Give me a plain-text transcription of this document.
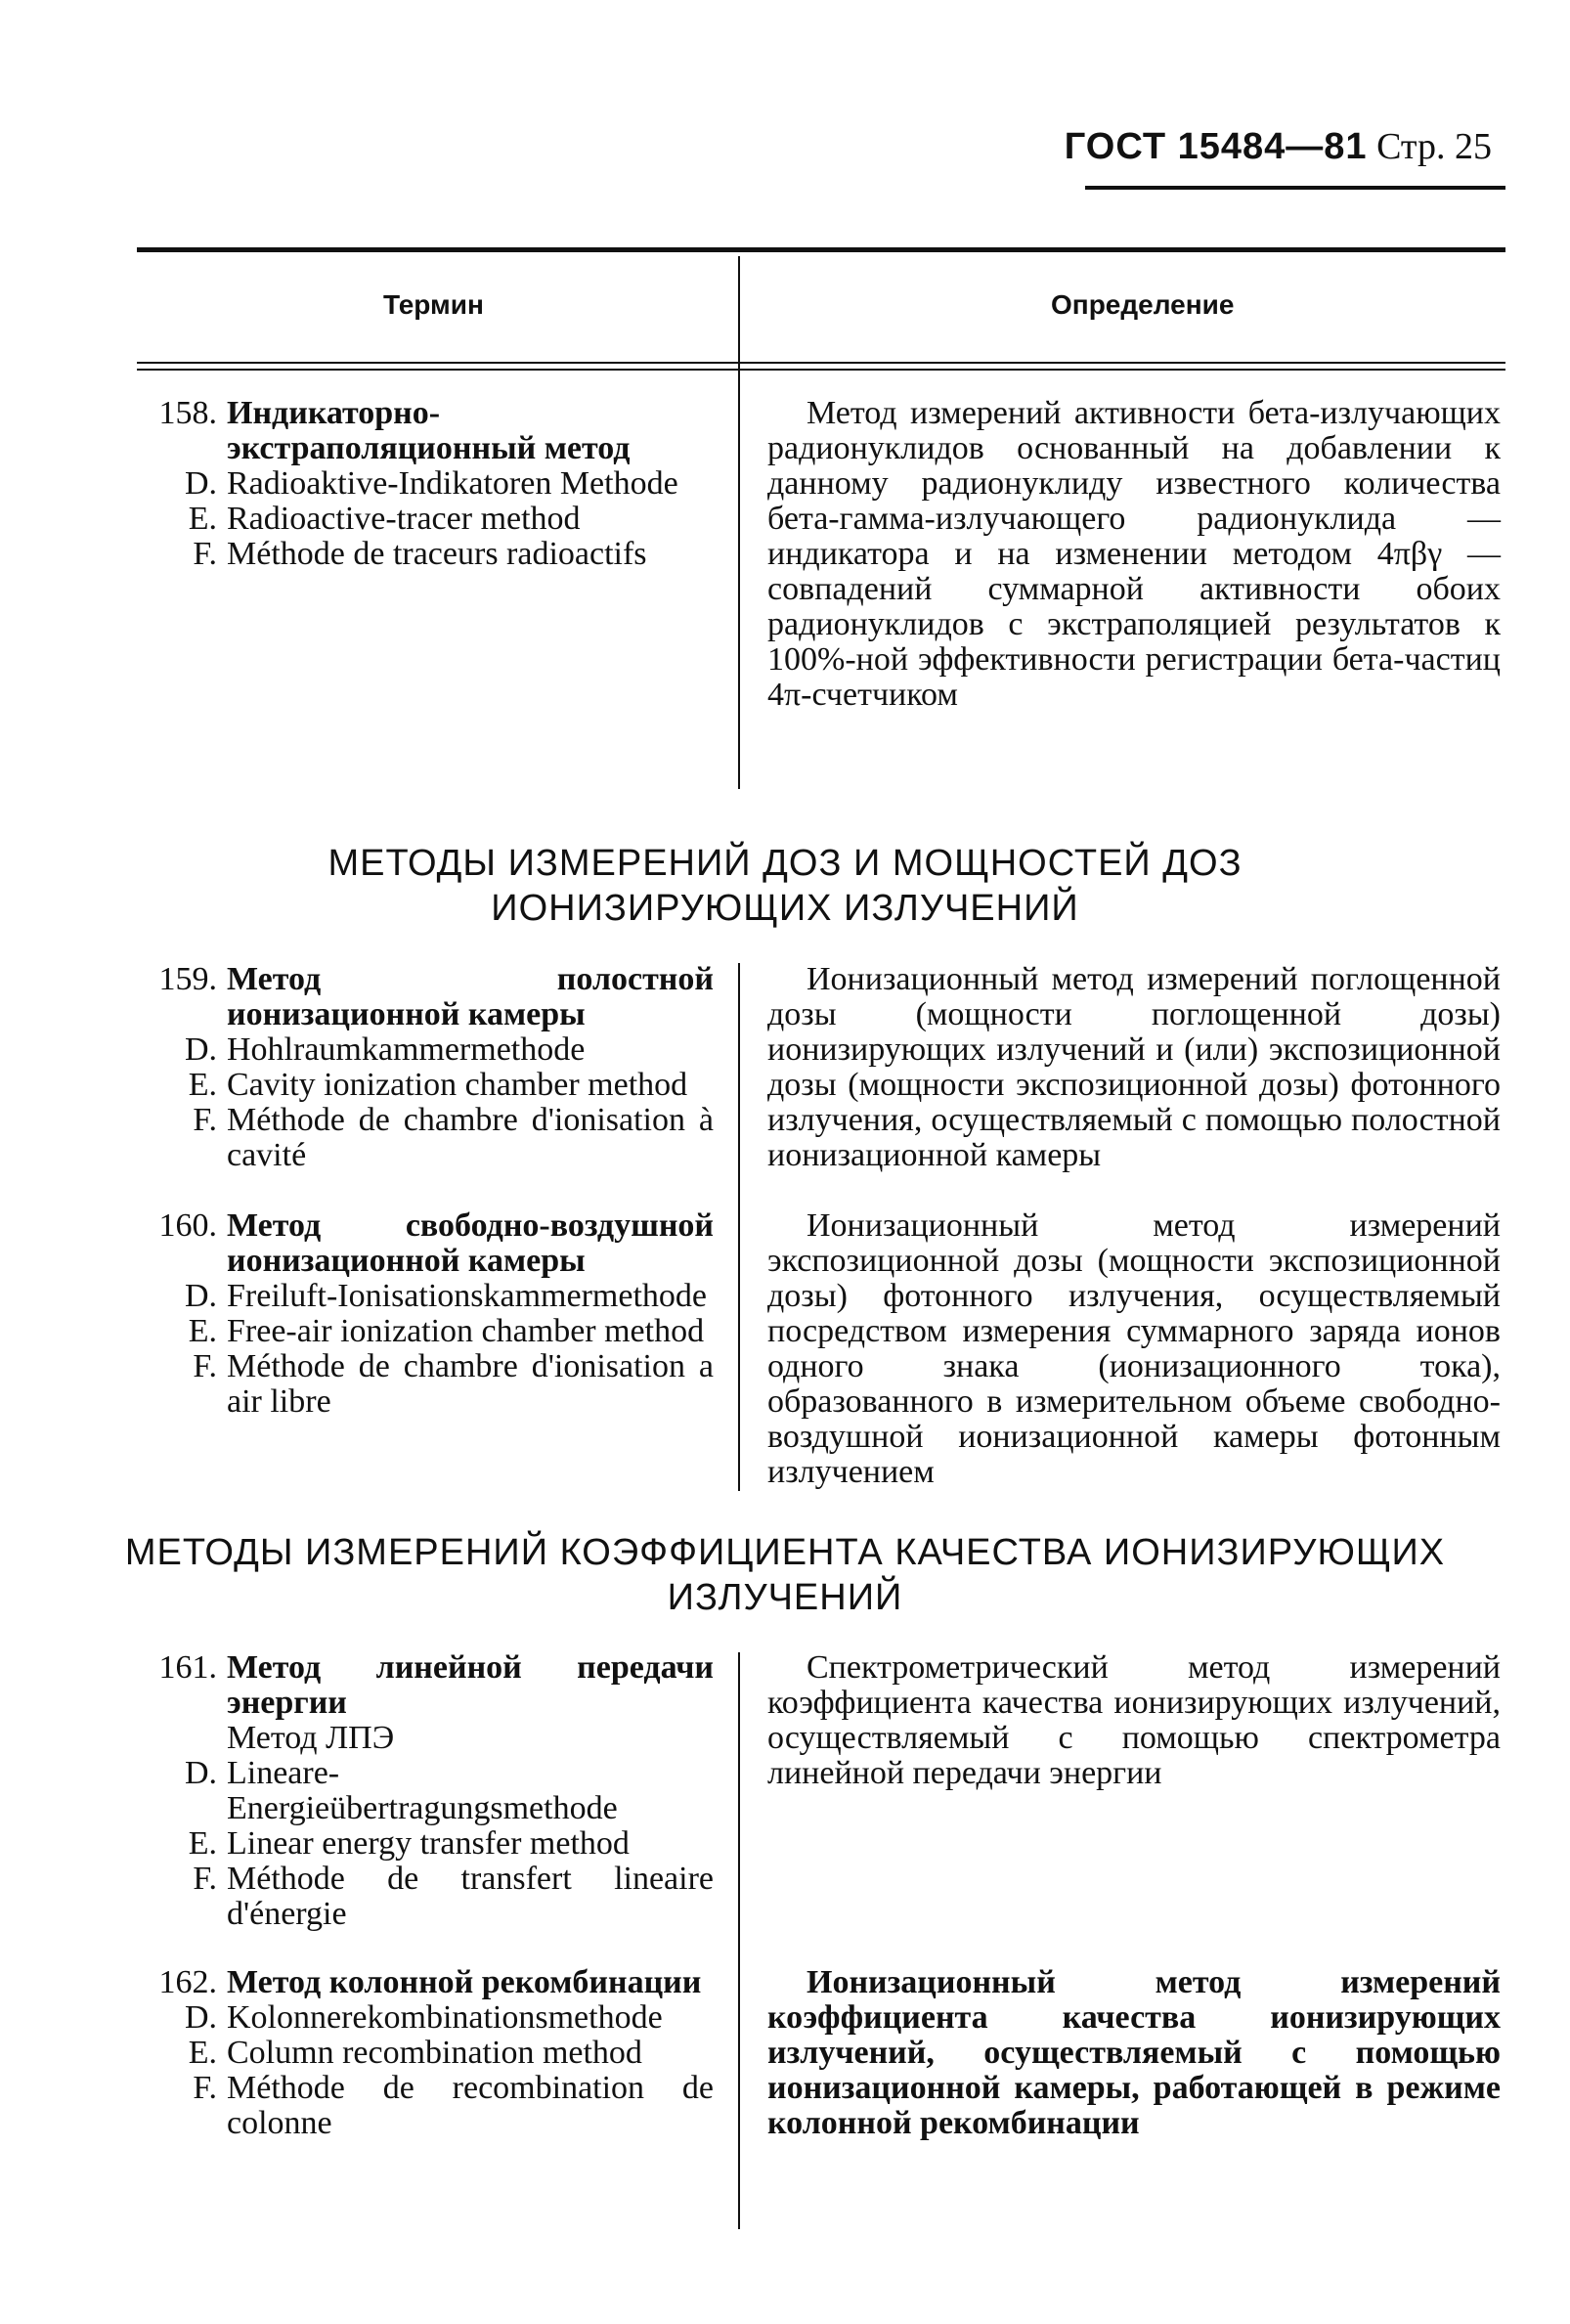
ГОСТ 15484—81 Стр. 25
Термин	Определение
158. Индикаторно-экстраполяционный метод
D. Radioaktive-Indikatoren Methode
E. Radioactive-tracer method
F. Méthode de traceurs radioactifs

Метод измерений активности бета-излучающих радионуклидов основанный на добавлении к данному радионуклиду известного количества бета-гамма-излучающего радионуклида — индикатора и на изменении методом 4πβγ — совпадений суммарной активности обоих радионуклидов с экстраполяцией результатов к 100%-ной эффективности регистрации бета-частиц 4π-счетчиком

МЕТОДЫ ИЗМЕРЕНИЙ ДОЗ И МОЩНОСТЕЙ ДОЗ
ИОНИЗИРУЮЩИХ ИЗЛУЧЕНИЙ
159. Метод полостной ионизационной камеры
D. Hohlraumkammermethode
E. Cavity ionization chamber method
F. Méthode de chambre d'ionisation à cavité

Ионизационный метод измерений поглощенной дозы (мощности поглощенной дозы) ионизирующих излучений и (или) экспозиционной дозы (мощности экспозиционной дозы) фотонного излучения, осуществляемый с помощью полостной ионизационной камеры

160. Метод свободно-воздушной ионизационной камеры
D. Freiluft-Ionisationskammermethode
E. Free-air ionization chamber method
F. Méthode de chambre d'ionisation a air libre

Ионизационный метод измерений экспозиционной дозы (мощности экспозиционной дозы) фотонного излучения, осуществляемый посредством измерения суммарного заряда ионов одного знака (ионизационного тока), образованного в измерительном объеме свободно-воздушной ионизационной камеры фотонным излучением

МЕТОДЫ ИЗМЕРЕНИЙ КОЭФФИЦИЕНТА КАЧЕСТВА ИОНИЗИРУЮЩИХ
ИЗЛУЧЕНИЙ
161. Метод линейной передачи энергии
Метод ЛПЭ
D. Lineare-Energieübertragungsmethode
E. Linear energy transfer method
F. Méthode de transfert lineaire d'énergie

Спектрометрический метод измерений коэффициента качества ионизирующих излучений, осуществляемый с помощью спектрометра линейной передачи энергии

162. Метод колонной рекомбинации
D. Kolonnerekombinationsmethode
E. Column recombination method
F. Méthode de recombination de colonne

Ионизационный метод измерений коэффициента качества ионизирующих излучений, осуществляемый с помощью ионизационной камеры, работающей в режиме колонной рекомбинации
